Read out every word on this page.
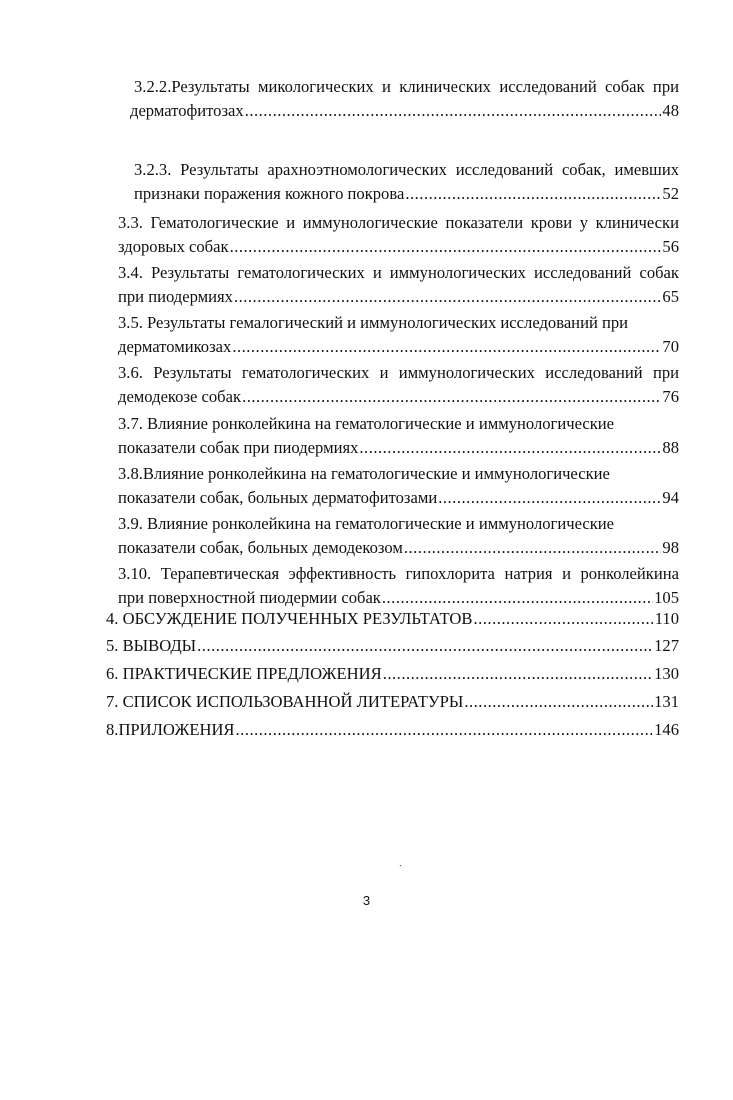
3.2.2.Результаты микологических и клинических исследований собак при
дерматофитозах .....	48
3.2.3. Результаты арахноэтномологических исследований собак, имевших
признаки поражения кожного покрова .....	52
3.3. Гематологические и иммунологические показатели крови у клинически
здоровых собак .....	56
3.4. Результаты гематологических и иммунологических исследований собак
при пиодермиях .....	65
3.5. Результаты гемалогический и иммунологических исследований при
дерматомикозах .....	70
3.6. Результаты гематологических и иммунологических исследований при
демодекозе собак .....	76
3.7. Влияние ронколейкина на гематологические и иммунологические
показатели собак при пиодермиях .....	88
3.8.Влияние ронколейкина на гематологические и иммунологические
показатели собак, больных дерматофитозами .....	94
3.9. Влияние ронколейкина на гематологические и иммунологические
показатели собак, больных демодекозом .....	98
3.10. Терапевтическая эффективность гипохлорита натрия и ронколейкина
при поверхностной пиодермии собак .....	105
4. ОБСУЖДЕНИЕ ПОЛУЧЕННЫХ РЕЗУЛЬТАТОВ .....	110
5. ВЫВОДЫ .....	127
6. ПРАКТИЧЕСКИЕ ПРЕДЛОЖЕНИЯ .....	130
7. СПИСОК ИСПОЛЬЗОВАННОЙ ЛИТЕРАТУРЫ .....	131
8.ПРИЛОЖЕНИЯ .....	146
ˏ
3
